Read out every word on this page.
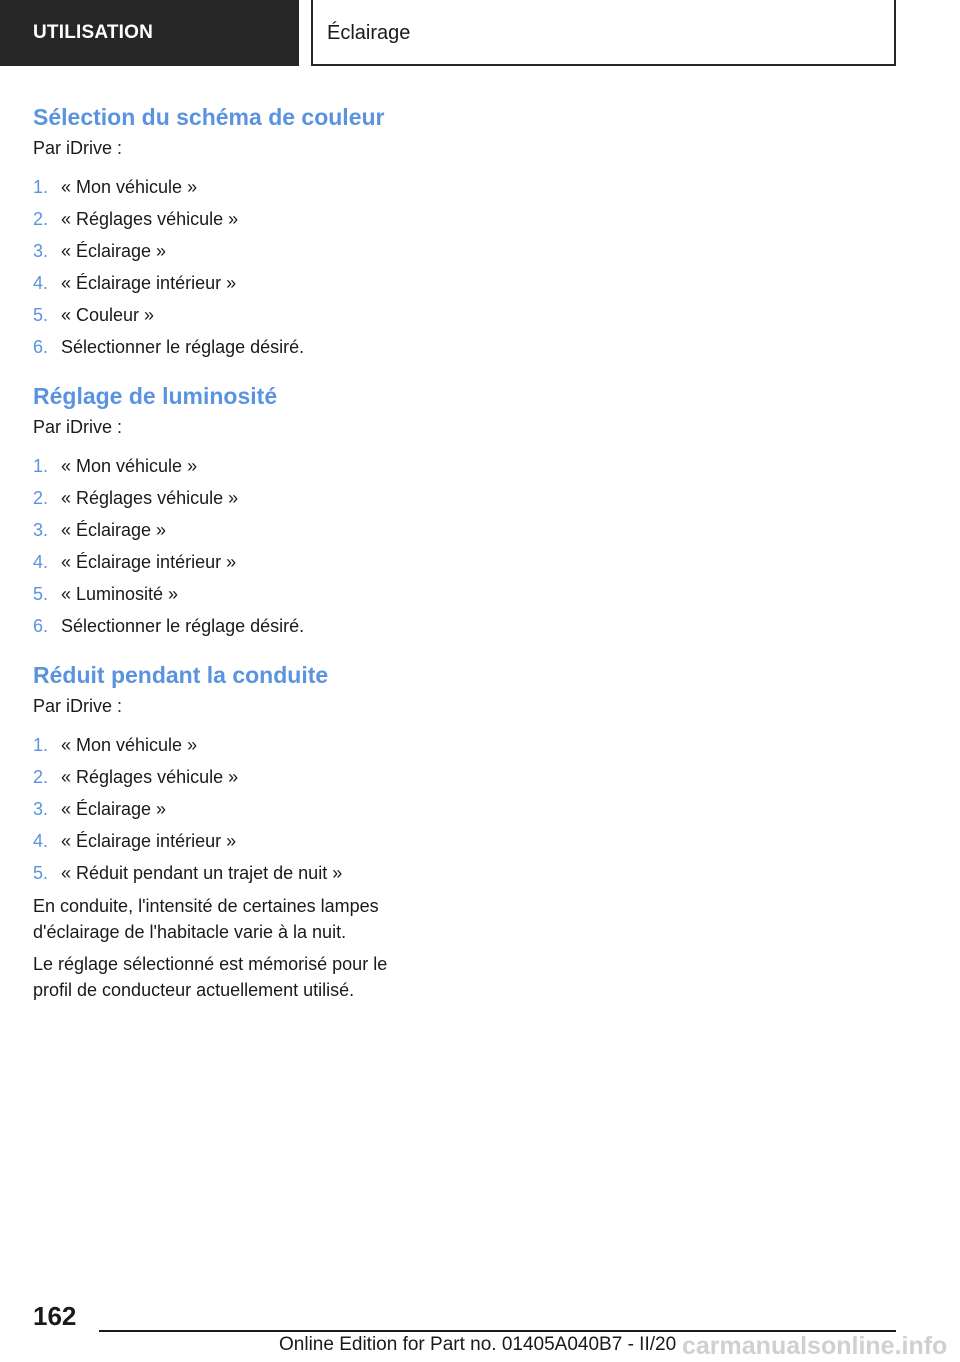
UTILISATION	Éclairage
Sélection du schéma de couleur

Par iDrive :

1. « Mon véhicule »
2. « Réglages véhicule »
3. « Éclairage »
4. « Éclairage intérieur »
5. « Couleur »
6. Sélectionner le réglage désiré.
Réglage de luminosité

Par iDrive :

1. « Mon véhicule »
2. « Réglages véhicule »
3. « Éclairage »
4. « Éclairage intérieur »
5. « Luminosité »
6. Sélectionner le réglage désiré.
Réduit pendant la conduite

Par iDrive :

1. « Mon véhicule »
2. « Réglages véhicule »
3. « Éclairage »
4. « Éclairage intérieur »
5. « Réduit pendant un trajet de nuit »

En conduite, l'intensité de certaines lampes d'éclairage de l'habitacle varie à la nuit.

Le réglage sélectionné est mémorisé pour le profil de conducteur actuellement utilisé.

162
Online Edition for Part no. 01405A040B7 - II/20 carmanualsonline.info
